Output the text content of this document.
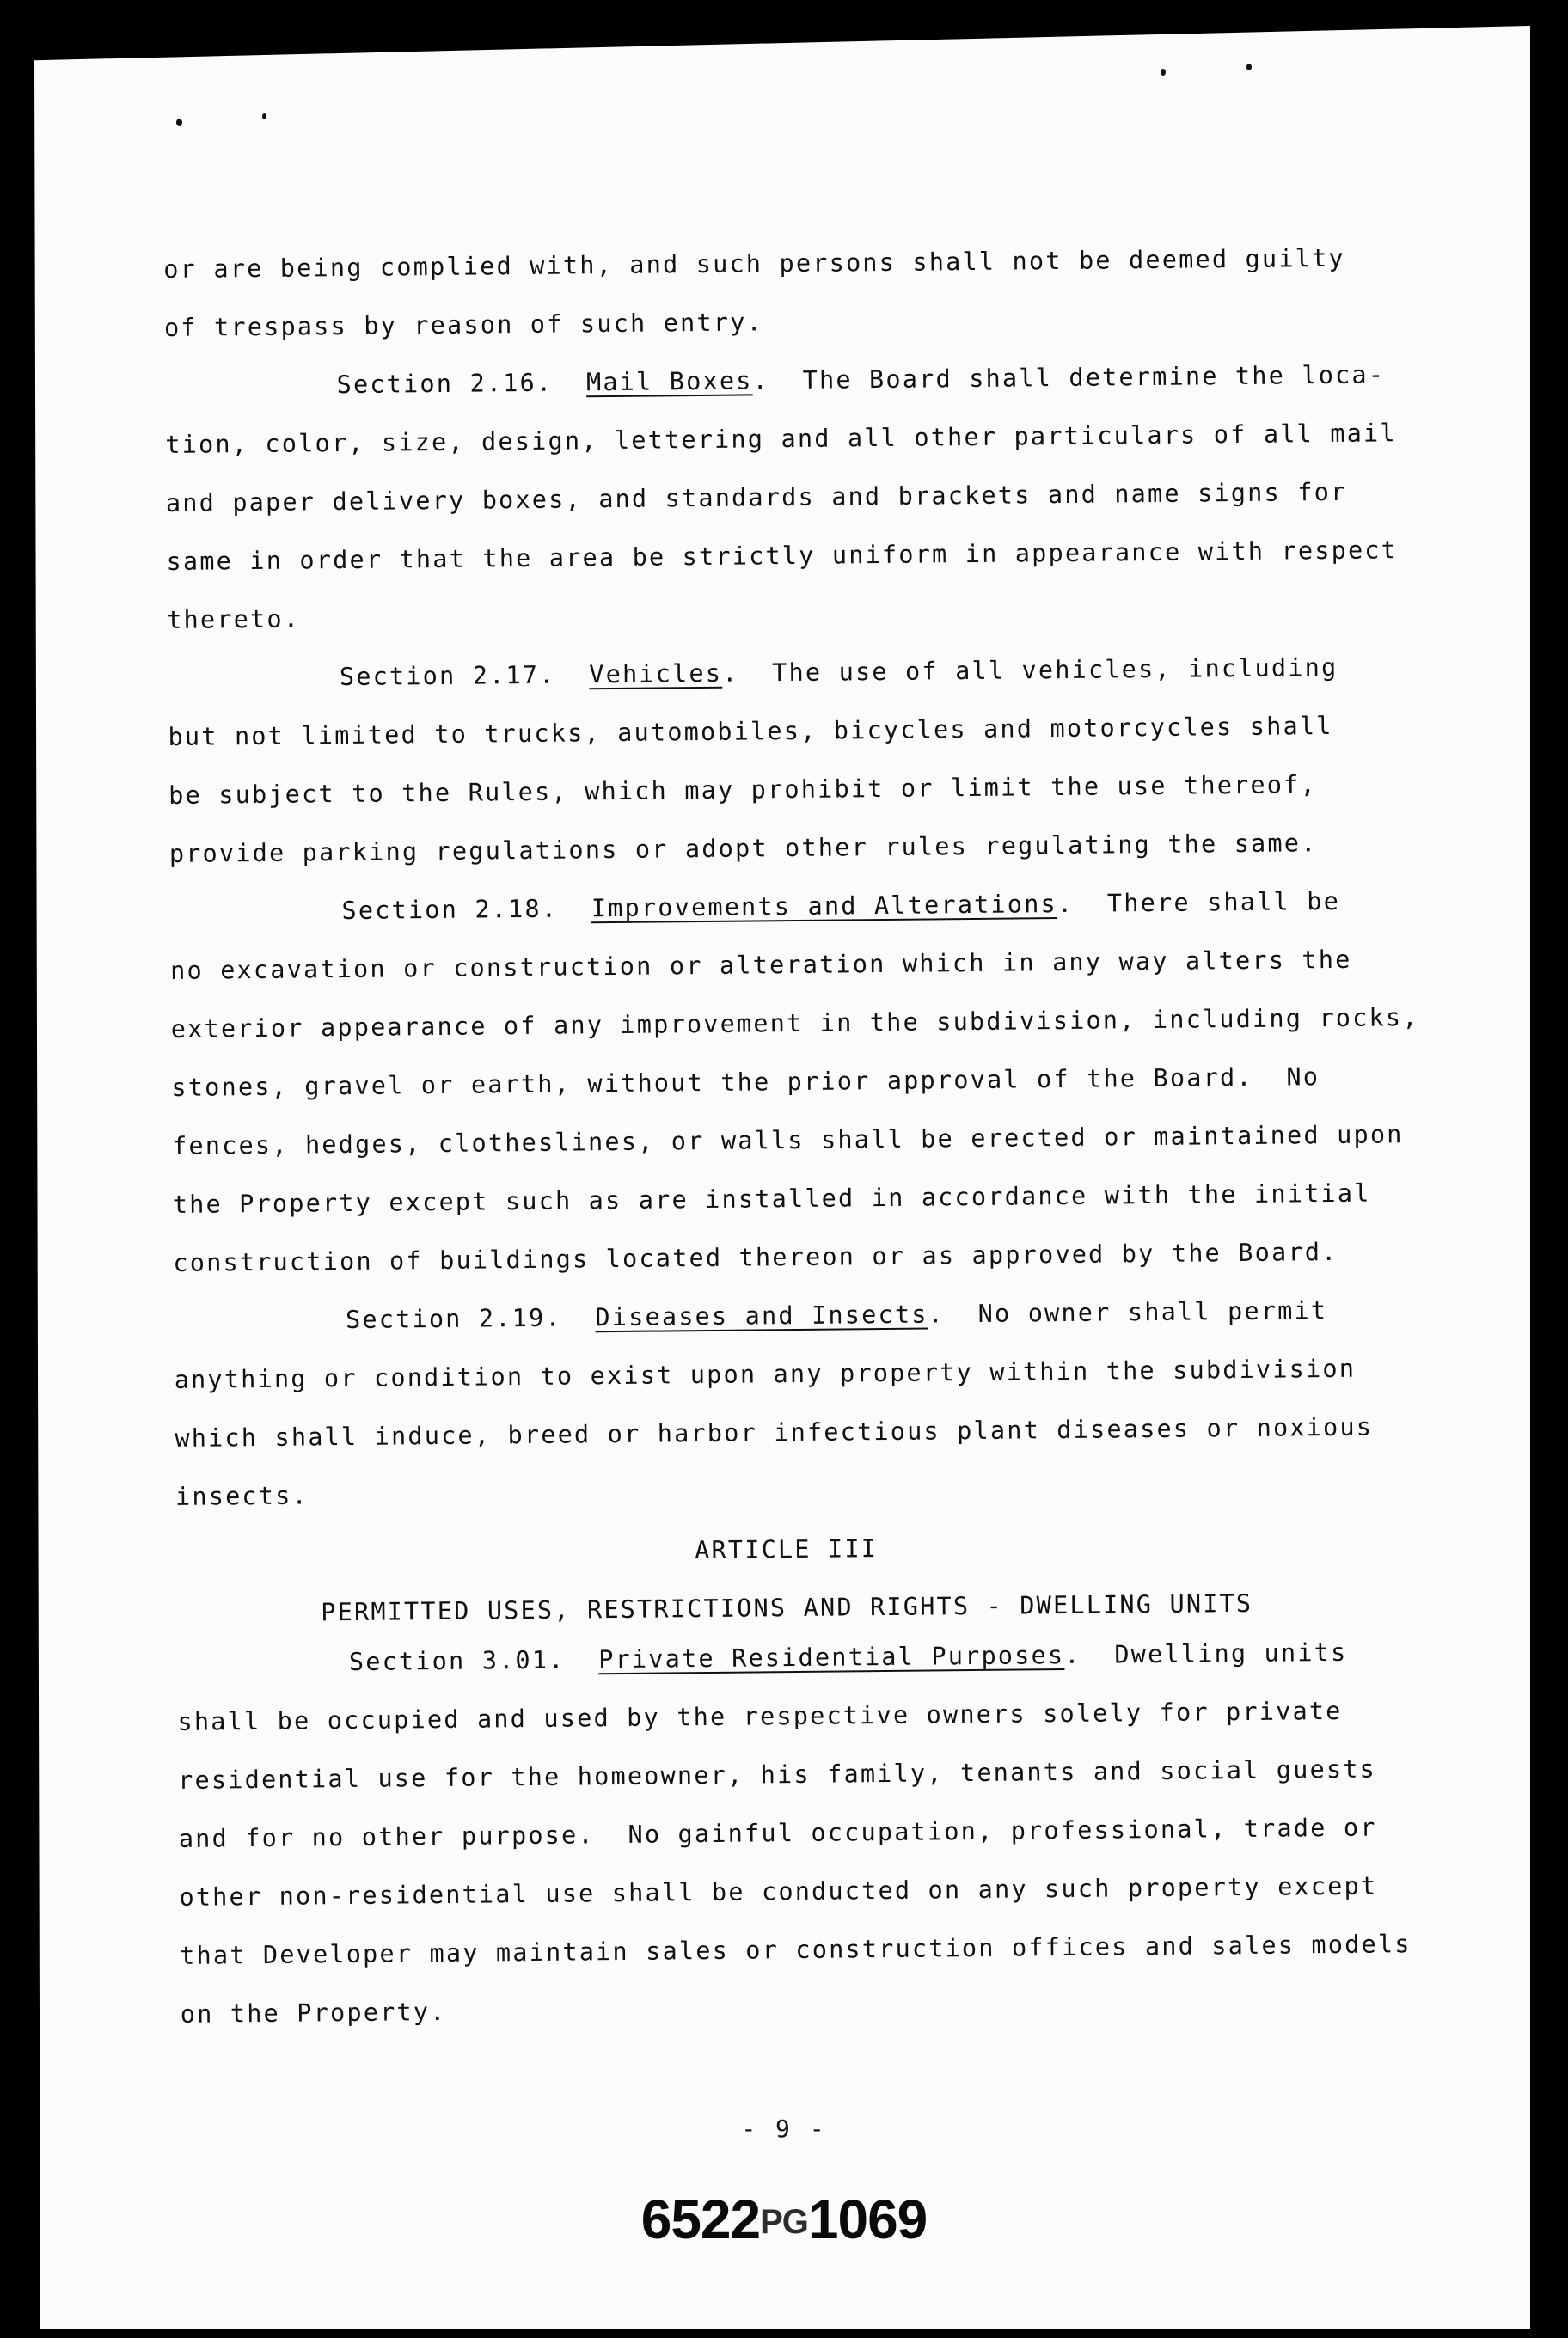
or are being complied with, and such persons shall not be deemed guilty
of trespass by reason of such entry.
Section 2.16.  Mail Boxes.  The Board shall determine the loca-
tion, color, size, design, lettering and all other particulars of all mail
and paper delivery boxes, and standards and brackets and name signs for
same in order that the area be strictly uniform in appearance with respect
thereto.
Section 2.17.  Vehicles.  The use of all vehicles, including
but not limited to trucks, automobiles, bicycles and motorcycles shall
be subject to the Rules, which may prohibit or limit the use thereof,
provide parking regulations or adopt other rules regulating the same.
Section 2.18.  Improvements and Alterations.  There shall be
no excavation or construction or alteration which in any way alters the
exterior appearance of any improvement in the subdivision, including rocks,
stones, gravel or earth, without the prior approval of the Board.  No
fences, hedges, clotheslines, or walls shall be erected or maintained upon
the Property except such as are installed in accordance with the initial
construction of buildings located thereon or as approved by the Board.
Section 2.19.  Diseases and Insects.  No owner shall permit
anything or condition to exist upon any property within the subdivision
which shall induce, breed or harbor infectious plant diseases or noxious
insects.
ARTICLE III
PERMITTED USES, RESTRICTIONS AND RIGHTS - DWELLING UNITS
Section 3.01.  Private Residential Purposes.  Dwelling units
shall be occupied and used by the respective owners solely for private
residential use for the homeowner, his family, tenants and social guests
and for no other purpose.  No gainful occupation, professional, trade or
other non-residential use shall be conducted on any such property except
that Developer may maintain sales or construction offices and sales models
on the Property.
- 9 -
6522PG1069
